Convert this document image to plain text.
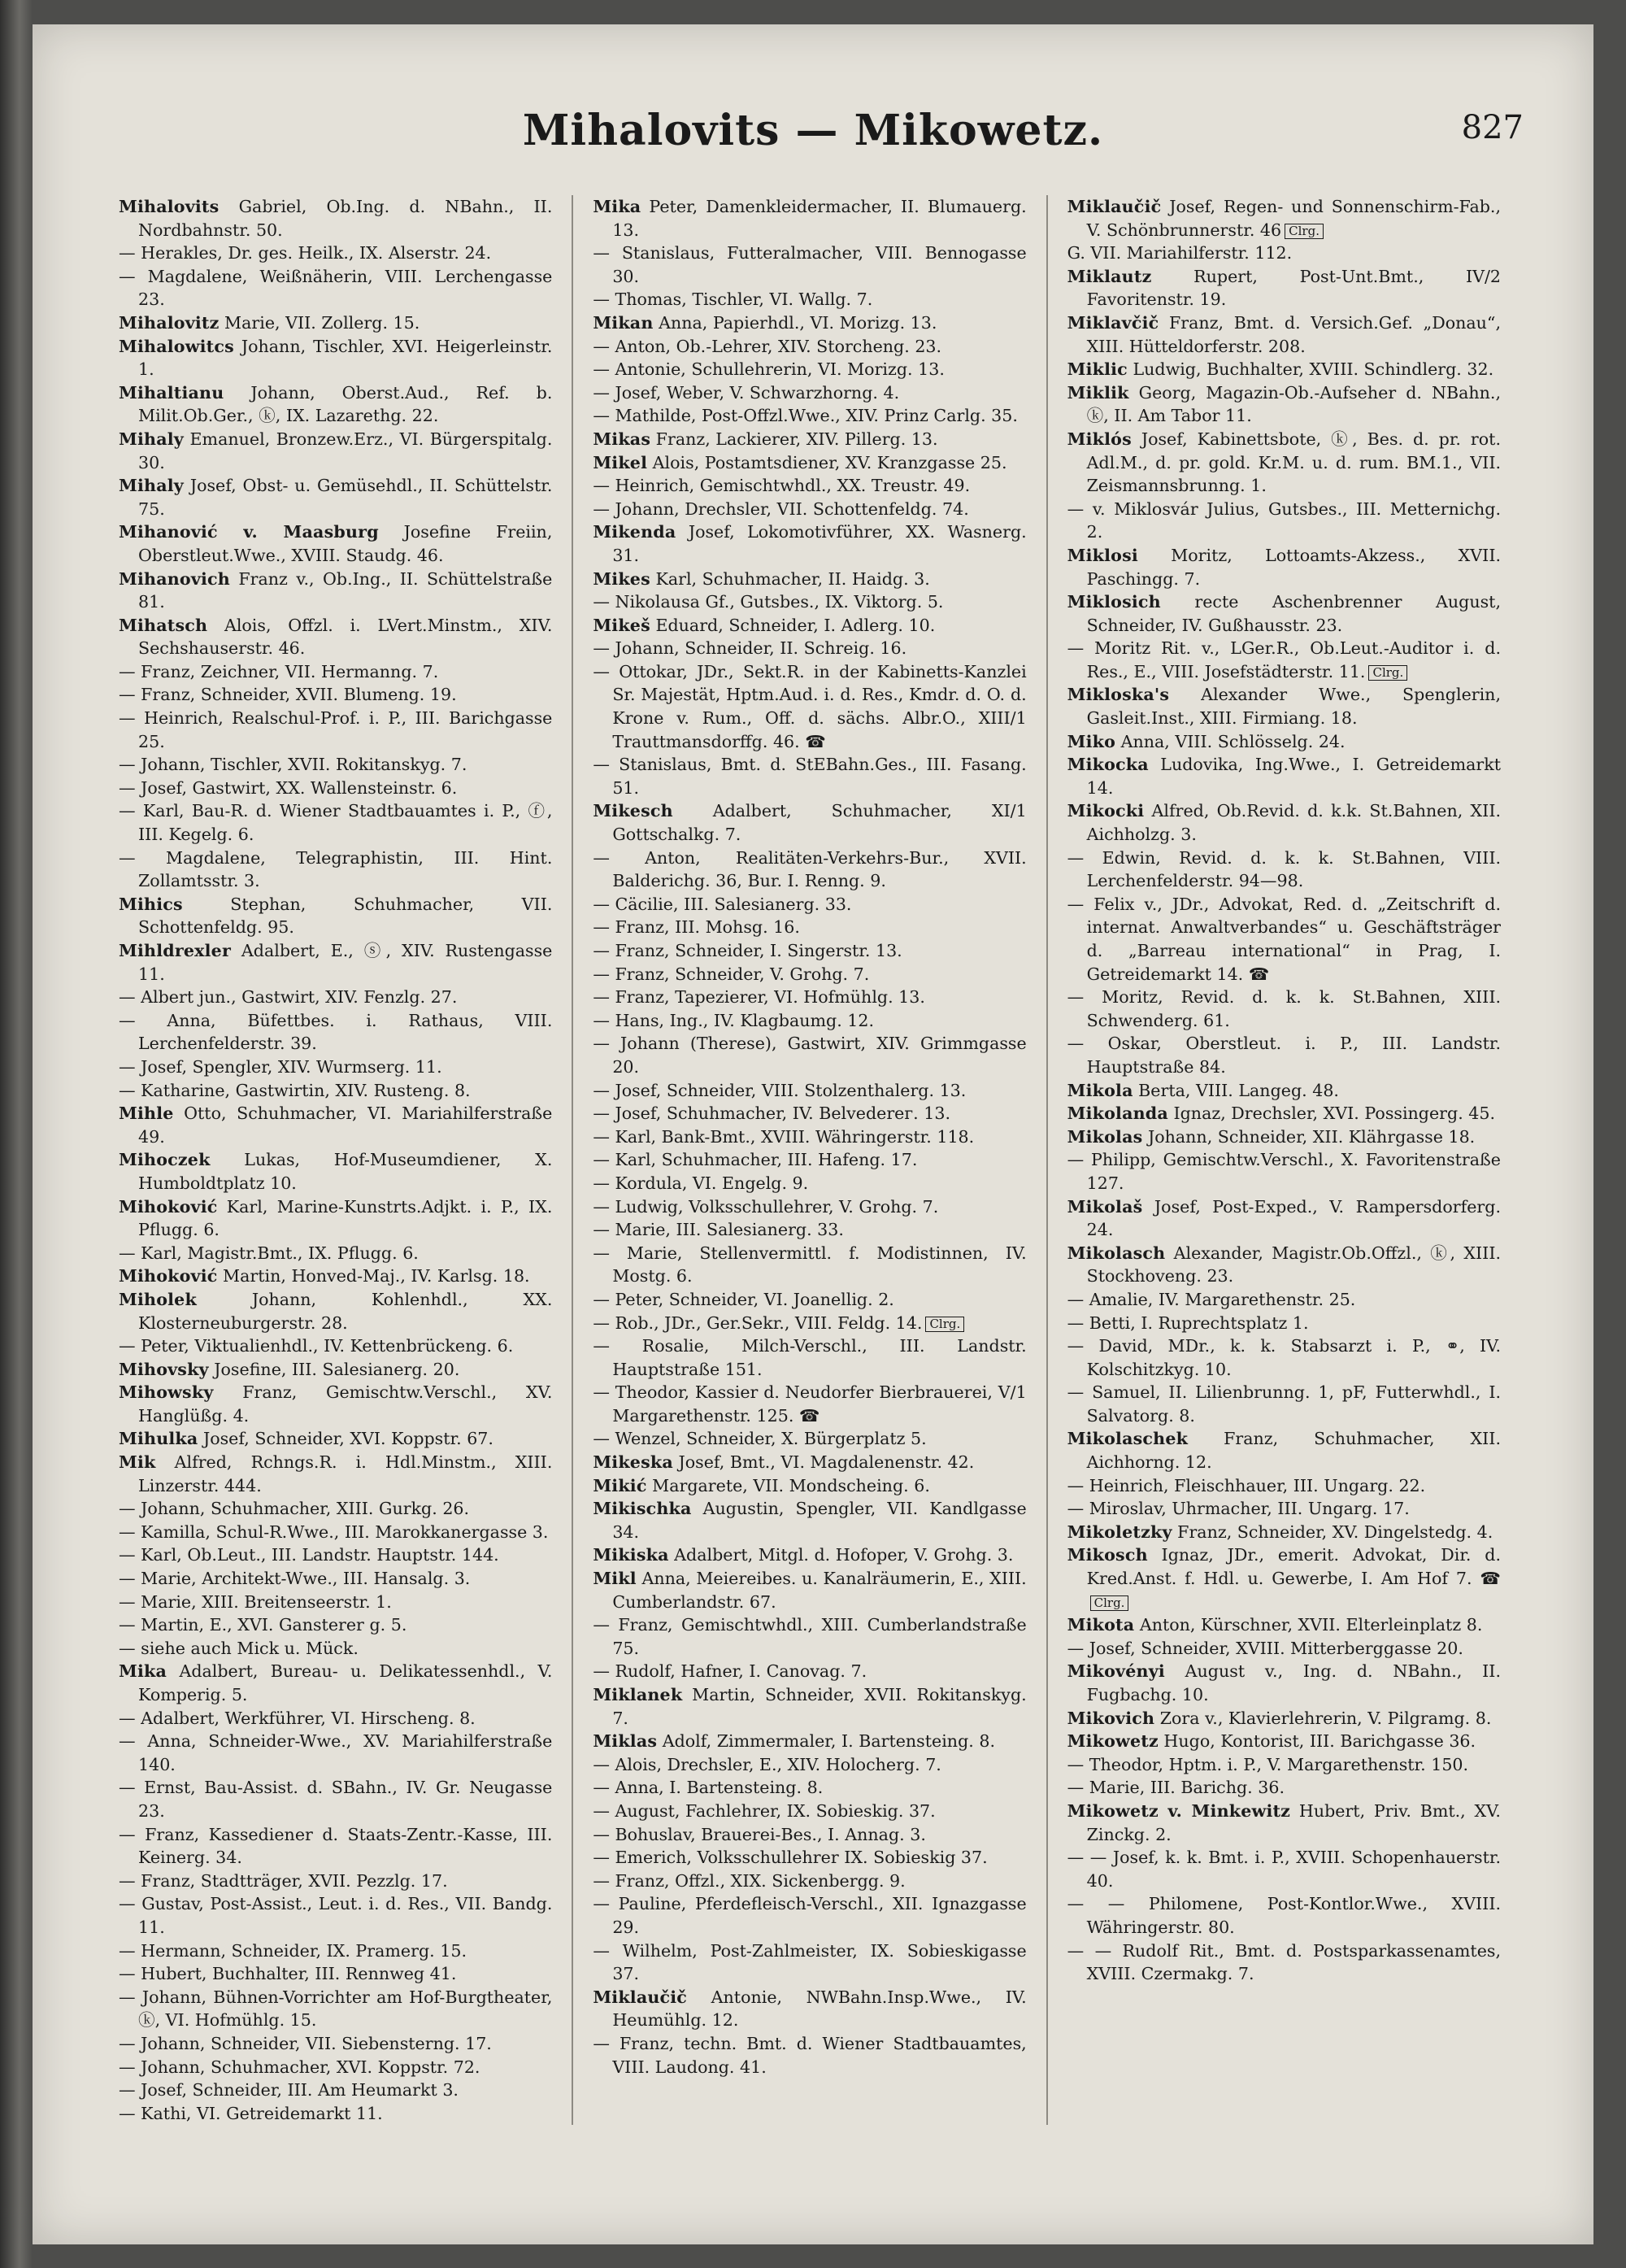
Mihalovits — Mikowetz.	827

Mihalovits Gabriel, Ob.Ing. d. NBahn., II. Nordbahnstr. 50.

— Herakles, Dr. ges. Heilk., IX. Alserstr. 24.

— Magdalene, Weißnäherin, VIII. Lerchengasse 23.

Mihalovitz Marie, VII. Zollerg. 15.

Mihalowitcs Johann, Tischler, XVI. Heigerleinstr. 1.

Mihaltianu Johann, Oberst.Aud., Ref. b. Milit.Ob.Ger., ⓚ, IX. Lazarethg. 22.

Mihaly Emanuel, Bronzew.Erz., VI. Bürgerspitalg. 30.

Mihaly Josef, Obst- u. Gemüsehdl., II. Schüttelstr. 75.

Mihanović v. Maasburg Josefine Freiin, Oberstleut.Wwe., XVIII. Staudg. 46.

Mihanovich Franz v., Ob.Ing., II. Schüttelstraße 81.

Mihatsch Alois, Offzl. i. LVert.Minstm., XIV. Sechshauserstr. 46.

— Franz, Zeichner, VII. Hermanng. 7.

— Franz, Schneider, XVII. Blumeng. 19.

— Heinrich, Realschul-Prof. i. P., III. Barichgasse 25.

— Johann, Tischler, XVII. Rokitanskyg. 7.

— Josef, Gastwirt, XX. Wallensteinstr. 6.

— Karl, Bau-R. d. Wiener Stadtbauamtes i. P., ⓕ, III. Kegelg. 6.

— Magdalene, Telegraphistin, III. Hint. Zollamtsstr. 3.

Mihics Stephan, Schuhmacher, VII. Schottenfeldg. 95.

Mihldrexler Adalbert, E., ⓢ, XIV. Rustengasse 11.

— Albert jun., Gastwirt, XIV. Fenzlg. 27.

— Anna, Büfettbes. i. Rathaus, VIII. Lerchenfelderstr. 39.

— Josef, Spengler, XIV. Wurmserg. 11.

— Katharine, Gastwirtin, XIV. Rusteng. 8.

Mihle Otto, Schuhmacher, VI. Mariahilferstraße 49.

Mihoczek Lukas, Hof-Museumdiener, X. Humboldtplatz 10.

Mihoković Karl, Marine-Kunstrts.Adjkt. i. P., IX. Pflugg. 6.

— Karl, Magistr.Bmt., IX. Pflugg. 6.

Mihoković Martin, Honved-Maj., IV. Karlsg. 18.

Miholek Johann, Kohlenhdl., XX. Klosterneuburgerstr. 28.

— Peter, Viktualienhdl., IV. Kettenbrückeng. 6.

Mihovsky Josefine, III. Salesianerg. 20.

Mihowsky Franz, Gemischtw.Verschl., XV. Hanglüßg. 4.

Mihulka Josef, Schneider, XVI. Koppstr. 67.

Mik Alfred, Rchngs.R. i. Hdl.Minstm., XIII. Linzerstr. 444.

— Johann, Schuhmacher, XIII. Gurkg. 26.

— Kamilla, Schul-R.Wwe., III. Marokkanergasse 3.

— Karl, Ob.Leut., III. Landstr. Hauptstr. 144.

— Marie, Architekt-Wwe., III. Hansalg. 3.

— Marie, XIII. Breitenseerstr. 1.

— Martin, E., XVI. Gansterer g. 5.

— siehe auch Mick u. Mück.

Mika Adalbert, Bureau- u. Delikatessenhdl., V. Komperig. 5.

— Adalbert, Werkführer, VI. Hirscheng. 8.

— Anna, Schneider-Wwe., XV. Mariahilferstraße 140.

— Ernst, Bau-Assist. d. SBahn., IV. Gr. Neugasse 23.

— Franz, Kassediener d. Staats-Zentr.-Kasse, III. Keinerg. 34.

— Franz, Stadtträger, XVII. Pezzlg. 17.

— Gustav, Post-Assist., Leut. i. d. Res., VII. Bandg. 11.

— Hermann, Schneider, IX. Pramerg. 15.

— Hubert, Buchhalter, III. Rennweg 41.

— Johann, Bühnen-Vorrichter am Hof-Burgtheater, ⓚ, VI. Hofmühlg. 15.

— Johann, Schneider, VII. Siebensterng. 17.

— Johann, Schuhmacher, XVI. Koppstr. 72.

— Josef, Schneider, III. Am Heumarkt 3.

— Kathi, VI. Getreidemarkt 11.

Mika Peter, Damenkleidermacher, II. Blumauerg. 13.

— Stanislaus, Futteralmacher, VIII. Bennogasse 30.

— Thomas, Tischler, VI. Wallg. 7.

Mikan Anna, Papierhdl., VI. Morizg. 13.

— Anton, Ob.-Lehrer, XIV. Storcheng. 23.

— Antonie, Schullehrerin, VI. Morizg. 13.

— Josef, Weber, V. Schwarzhorng. 4.

— Mathilde, Post-Offzl.Wwe., XIV. Prinz Carlg. 35.

Mikas Franz, Lackierer, XIV. Pillerg. 13.

Mikel Alois, Postamtsdiener, XV. Kranzgasse 25.

— Heinrich, Gemischtwhdl., XX. Treustr. 49.

— Johann, Drechsler, VII. Schottenfeldg. 74.

Mikenda Josef, Lokomotivführer, XX. Wasnerg. 31.

Mikes Karl, Schuhmacher, II. Haidg. 3.

— Nikolausa Gf., Gutsbes., IX. Viktorg. 5.

Mikeš Eduard, Schneider, I. Adlerg. 10.

— Johann, Schneider, II. Schreig. 16.

— Ottokar, JDr., Sekt.R. in der Kabinetts-Kanzlei Sr. Majestät, Hptm.Aud. i. d. Res., Kmdr. d. O. d. Krone v. Rum., Off. d. sächs. Albr.O., XIII/1 Trauttmansdorffg. 46. ☎

— Stanislaus, Bmt. d. StEBahn.Ges., III. Fasang. 51.

Mikesch Adalbert, Schuhmacher, XI/1 Gottschalkg. 7.

— Anton, Realitäten-Verkehrs-Bur., XVII. Balderichg. 36, Bur. I. Renng. 9.

— Cäcilie, III. Salesianerg. 33.

— Franz, III. Mohsg. 16.

— Franz, Schneider, I. Singerstr. 13.

— Franz, Schneider, V. Grohg. 7.

— Franz, Tapezierer, VI. Hofmühlg. 13.

— Hans, Ing., IV. Klagbaumg. 12.

— Johann (Therese), Gastwirt, XIV. Grimmgasse 20.

— Josef, Schneider, VIII. Stolzenthalerg. 13.

— Josef, Schuhmacher, IV. Belvederег. 13.

— Karl, Bank-Bmt., XVIII. Währingerstr. 118.

— Karl, Schuhmacher, III. Hafeng. 17.

— Kordula, VI. Engelg. 9.

— Ludwig, Volksschullehrer, V. Grohg. 7.

— Marie, III. Salesianerg. 33.

— Marie, Stellenvermittl. f. Modistinnen, IV. Mostg. 6.

— Peter, Schneider, VI. Joanellig. 2.

— Rob., JDr., Ger.Sekr., VIII. Feldg. 14. Clrg.

— Rosalie, Milch-Verschl., III. Landstr. Hauptstraße 151.

— Theodor, Kassier d. Neudorfer Bierbrauerei, V/1 Margarethenstr. 125. ☎

— Wenzel, Schneider, X. Bürgerplatz 5.

Mikeska Josef, Bmt., VI. Magdalenenstr. 42.

Mikić Margarete, VII. Mondscheing. 6.

Mikischka Augustin, Spengler, VII. Kandlgasse 34.

Mikiska Adalbert, Mitgl. d. Hofoper, V. Grohg. 3.

Mikl Anna, Meiereibes. u. Kanalräumerin, E., XIII. Cumberlandstr. 67.

— Franz, Gemischtwhdl., XIII. Cumberlandstraße 75.

— Rudolf, Hafner, I. Canovag. 7.

Miklanek Martin, Schneider, XVII. Rokitanskyg. 7.

Miklas Adolf, Zimmermaler, I. Bartensteing. 8.

— Alois, Drechsler, E., XIV. Holocherg. 7.

— Anna, I. Bartensteing. 8.

— August, Fachlehrer, IX. Sobieskig. 37.

— Bohuslav, Brauerei-Bes., I. Annag. 3.

— Emerich, Volksschullehrer IX. Sobieskig 37.

— Franz, Offzl., XIX. Sickenbergg. 9.

— Pauline, Pferdefleisch-Verschl., XII. Ignazgasse 29.

— Wilhelm, Post-Zahlmeister, IX. Sobieskigasse 37.

Miklaučič Antonie, NWBahn.Insp.Wwe., IV. Heumühlg. 12.

— Franz, techn. Bmt. d. Wiener Stadtbauamtes, VIII. Laudong. 41.

Miklaučič Josef, Regen- und Sonnenschirm-Fab., V. Schönbrunnerstr. 46 Clrg.

G. VII. Mariahilferstr. 112.

Miklautz Rupert, Post-Unt.Bmt., IV/2 Favoritenstr. 19.

Miklavčič Franz, Bmt. d. Versich.Gef. „Donau“, XIII. Hütteldorferstr. 208.

Miklic Ludwig, Buchhalter, XVIII. Schindlerg. 32.

Miklik Georg, Magazin-Ob.-Aufseher d. NBahn., ⓚ, II. Am Tabor 11.

Miklós Josef, Kabinettsbote, ⓚ, Bes. d. pr. rot. Adl.M., d. pr. gold. Kr.M. u. d. rum. BM.1., VII. Zeismannsbrunng. 1.

— v. Miklosvár Julius, Gutsbes., III. Metternichg. 2.

Miklosi Moritz, Lottoamts-Akzess., XVII. Paschingg. 7.

Miklosich recte Aschenbrenner August, Schneider, IV. Gußhausstr. 23.

— Moritz Rit. v., LGer.R., Ob.Leut.-Auditor i. d. Res., E., VIII. Josefstädterstr. 11. Clrg.

Mikloska's Alexander Wwe., Spenglerin, Gasleit.Inst., XIII. Firmiang. 18.

Miko Anna, VIII. Schlösselg. 24.

Mikocka Ludovika, Ing.Wwe., I. Getreidemarkt 14.

Mikocki Alfred, Ob.Revid. d. k.k. St.Bahnen, XII. Aichholzg. 3.

— Edwin, Revid. d. k. k. St.Bahnen, VIII. Lerchenfelderstr. 94—98.

— Felix v., JDr., Advokat, Red. d. „Zeitschrift d. internat. Anwaltverbandes“ u. Geschäftsträger d. „Barreau international“ in Prag, I. Getreidemarkt 14. ☎

— Moritz, Revid. d. k. k. St.Bahnen, XIII. Schwenderg. 61.

— Oskar, Oberstleut. i. P., III. Landstr. Hauptstraße 84.

Mikola Berta, VIII. Langeg. 48.

Mikolanda Ignaz, Drechsler, XVI. Possingerg. 45.

Mikolas Johann, Schneider, XII. Klährgasse 18.

— Philipp, Gemischtw.Verschl., X. Favoritenstraße 127.

Mikolaš Josef, Post-Exped., V. Rampersdorferg. 24.

Mikolasch Alexander, Magistr.Ob.Offzl., ⓚ, XIII. Stockhoveng. 23.

— Amalie, IV. Margarethenstr. 25.

— Betti, I. Ruprechtsplatz 1.

— David, MDr., k. k. Stabsarzt i. P., ⚭, IV. Kolschitzkyg. 10.

— Samuel, II. Lilienbrunng. 1, pF, Futterwhdl., I. Salvatorg. 8.

Mikolaschek Franz, Schuhmacher, XII. Aichhorng. 12.

— Heinrich, Fleischhauer, III. Ungarg. 22.

— Miroslav, Uhrmacher, III. Ungarg. 17.

Mikoletzky Franz, Schneider, XV. Dingelstedg. 4.

Mikosch Ignaz, JDr., emerit. Advokat, Dir. d. Kred.Anst. f. Hdl. u. Gewerbe, I. Am Hof 7. ☎Clrg.

Mikota Anton, Kürschner, XVII. Elterleinplatz 8.

— Josef, Schneider, XVIII. Mitterberggasse 20.

Mikovényi August v., Ing. d. NBahn., II. Fugbachg. 10.

Mikovich Zora v., Klavierlehrerin, V. Pilgramg. 8.

Mikowetz Hugo, Kontorist, III. Barichgasse 36.

— Theodor, Hptm. i. P., V. Margarethenstr. 150.

— Marie, III. Barichg. 36.

Mikowetz v. Minkewitz Hubert, Priv. Bmt., XV. Zinckg. 2.

— — Josef, k. k. Bmt. i. P., XVIII. Schopenhauerstr. 40.

— — Philomene, Post-Kontlor.Wwe., XVIII. Währingerstr. 80.

— — Rudolf Rit., Bmt. d. Postsparkassenamtes, XVIII. Czermakg. 7.
